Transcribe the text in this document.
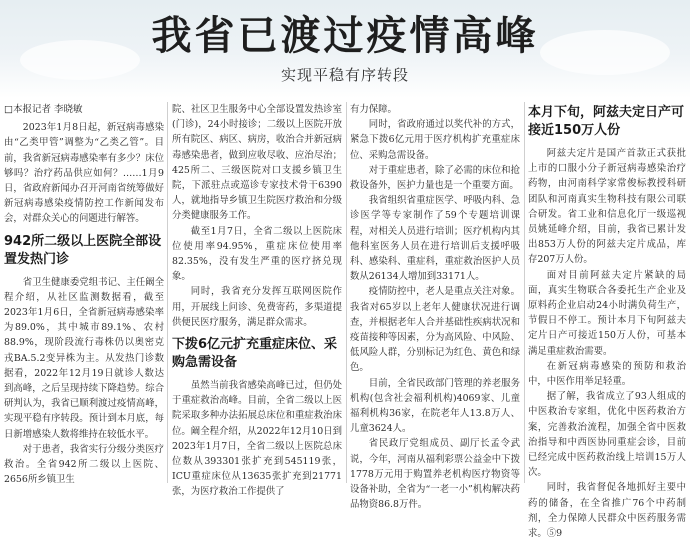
我省已渡过疫情高峰
实现平稳有序转段
□本报记者 李晓敏

2023年1月8日起，新冠病毒感染由“乙类甲管”调整为“乙类乙管”。目前，我省新冠病毒感染率有多少？床位够吗？治疗药品供应如何？……1月9日，省政府新闻办召开河南省统筹做好新冠病毒感染疫情防控工作新闻发布会，对群众关心的问题进行解答。

942所二级以上医院全部设置发热门诊

省卫生健康委党组书记、主任阚全程介绍，从社区监测数据看，截至2023年1月6日，全省新冠病毒感染率为89.0%，其中城市89.1%、农村88.9%，现阶段流行毒株仍以奥密克戎BA.5.2变异株为主。从发热门诊数据看，2022年12月19日就诊人数达到高峰，之后呈现持续下降趋势。综合研判认为，我省已顺利渡过疫情高峰，实现平稳有序转段。预计到本月底，每日新增感染人数将维持在较低水平。

对于患者，我省实行分级分类医疗救治。全省942所二级以上医院、2656所乡镇卫生

院、社区卫生服务中心全部设置发热诊室(门诊)，24小时接诊；二级以上医院开放所有院区、病区、病房，收治合并新冠病毒感染患者，做到应收尽收、应治尽治；425所二、三级医院对口支援乡镇卫生院，下派驻点或巡诊专家技术骨干6390人，就地指导乡镇卫生院医疗救治和分级分类健康服务工作。

截至1月7日，全省二级以上医院床位使用率94.95%，重症床位使用率82.35%，没有发生严重的医疗挤兑现象。

同时，我省充分发挥互联网医院作用，开展线上问诊、免费寄药，多渠道提供便民医疗服务，满足群众需求。

下拨6亿元扩充重症床位、采购急需设备

虽然当前我省感染高峰已过，但仍处于重症救治高峰。目前，全省二级以上医院采取多种办法拓展总床位和重症救治床位。阚全程介绍，从2022年12月10日到2023年1月7日，全省二级以上医院总床位数从393301张扩充到545119张，ICU重症床位从13635张扩充到21771张，为医疗救治工作提供了

有力保障。

同时，省政府通过以奖代补的方式，紧急下拨6亿元用于医疗机构扩充重症床位、采购急需设备。

对于重症患者，除了必需的床位和抢救设备外，医护力量也是一个重要方面。

我省组织省重症医学、呼吸内科、急诊医学等专家制作了59个专题培训课程，对相关人员进行培训；医疗机构内其他科室医务人员在进行培训后支援呼吸科、感染科、重症科，重症救治医护人员数从26134人增加到33171人。

疫情防控中，老人是重点关注对象。我省对65岁以上老年人健康状况进行调查，并根据老年人合并基础性疾病状况和疫苗接种等因素，分为高风险、中风险、低风险人群，分别标记为红色、黄色和绿色。

目前，全省民政部门管理的养老服务机构(包含社会福利机构)4069家、儿童福利机构36家，在院老年人13.8万人、儿童3624人。

省民政厅党组成员、副厅长孟令武说，今年，河南从福利彩票公益金中下拨1778万元用于购置养老机构医疗物资等设备补助，全省为“一老一小”机构解决药品物资86.8万件。

本月下旬，阿兹夫定日产可接近150万人份

阿兹夫定片是国产首款正式获批上市的口服小分子新冠病毒感染治疗药物，由河南科学家常俊标教授科研团队和河南真实生物科技有限公司联合研发。省工业和信息化厅一级巡视员姚延峰介绍，目前，我省已累计发出853万人份的阿兹夫定片成品，库存207万人份。

面对目前阿兹夫定片紧缺的局面，真实生物联合各委托生产企业及原料药企业启动24小时满负荷生产，节假日不停工。预计本月下旬阿兹夫定片日产可接近150万人份，可基本满足重症救治需要。

在新冠病毒感染的预防和救治中，中医作用举足轻重。

据了解，我省成立了93人组成的中医救治专家组，优化中医药救治方案，完善救治流程，加强全省中医救治指导和中西医协同重症会诊，目前已经完成中医药救治线上培训15万人次。

同时，我省督促各地抓好主要中药的储备，在全省推广76个中药制剂，全力保障人民群众中医药服务需求。⑤9
